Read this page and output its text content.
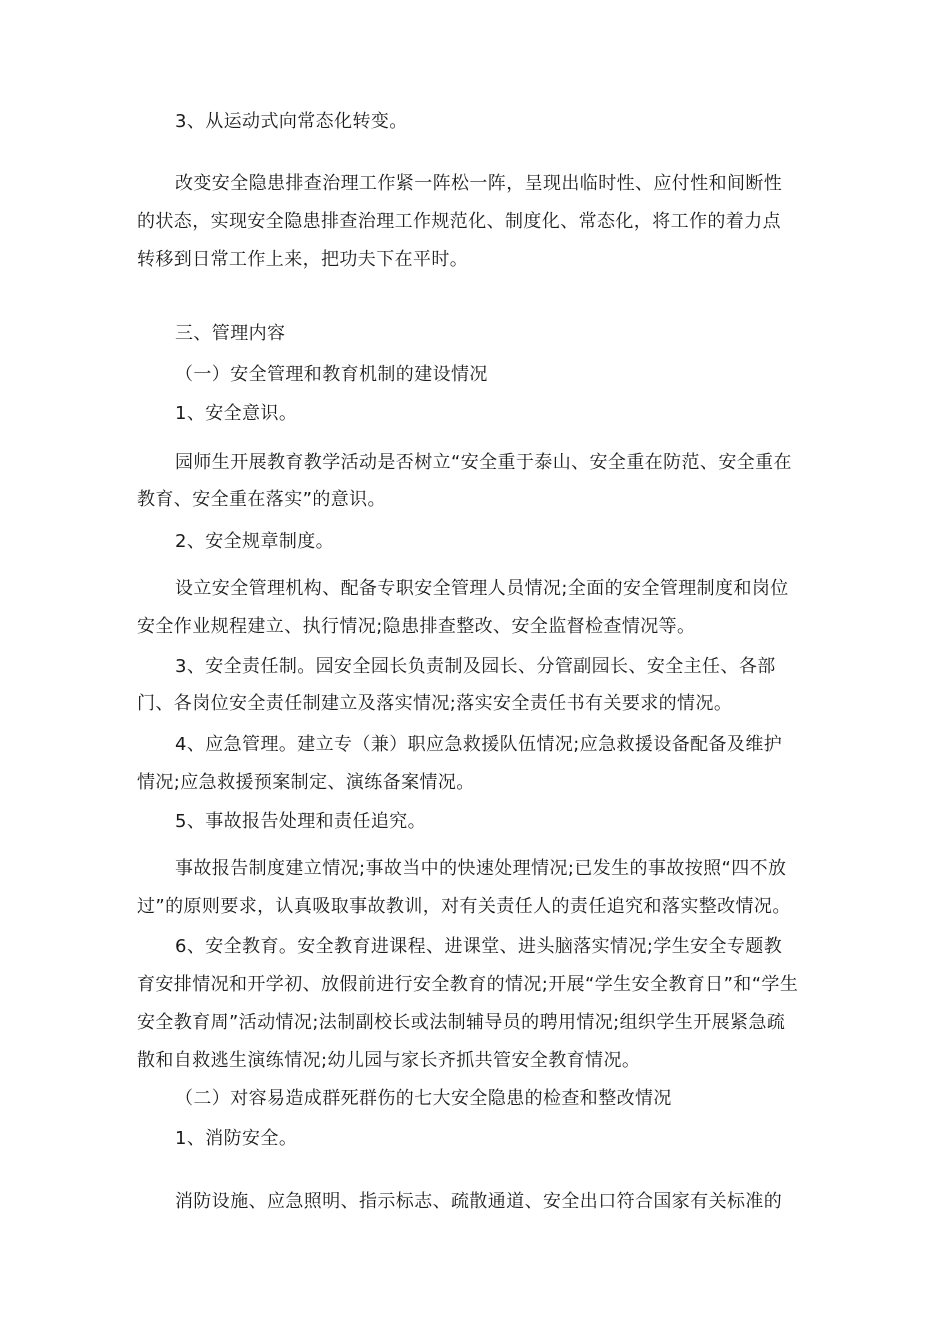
3、从运动式向常态化转变。
改变安全隐患排查治理工作紧一阵松一阵，呈现出临时性、应付性和间断性
的状态，实现安全隐患排查治理工作规范化、制度化、常态化，将工作的着力点
转移到日常工作上来，把功夫下在平时。
三、管理内容
（一）安全管理和教育机制的建设情况
1、安全意识。
园师生开展教育教学活动是否树立“安全重于泰山、安全重在防范、安全重在
教育、安全重在落实”的意识。
2、安全规章制度。
设立安全管理机构、配备专职安全管理人员情况;全面的安全管理制度和岗位
安全作业规程建立、执行情况;隐患排查整改、安全监督检查情况等。
3、安全责任制。园安全园长负责制及园长、分管副园长、安全主任、各部
门、各岗位安全责任制建立及落实情况;落实安全责任书有关要求的情况。
4、应急管理。建立专（兼）职应急救援队伍情况;应急救援设备配备及维护
情况;应急救援预案制定、演练备案情况。
5、事故报告处理和责任追究。
事故报告制度建立情况;事故当中的快速处理情况;已发生的事故按照“四不放
过”的原则要求，认真吸取事故教训，对有关责任人的责任追究和落实整改情况。
6、安全教育。安全教育进课程、进课堂、进头脑落实情况;学生安全专题教
育安排情况和开学初、放假前进行安全教育的情况;开展“学生安全教育日”和“学生
安全教育周”活动情况;法制副校长或法制辅导员的聘用情况;组织学生开展紧急疏
散和自救逃生演练情况;幼儿园与家长齐抓共管安全教育情况。
（二）对容易造成群死群伤的七大安全隐患的检查和整改情况
1、消防安全。
消防设施、应急照明、指示标志、疏散通道、安全出口符合国家有关标准的
